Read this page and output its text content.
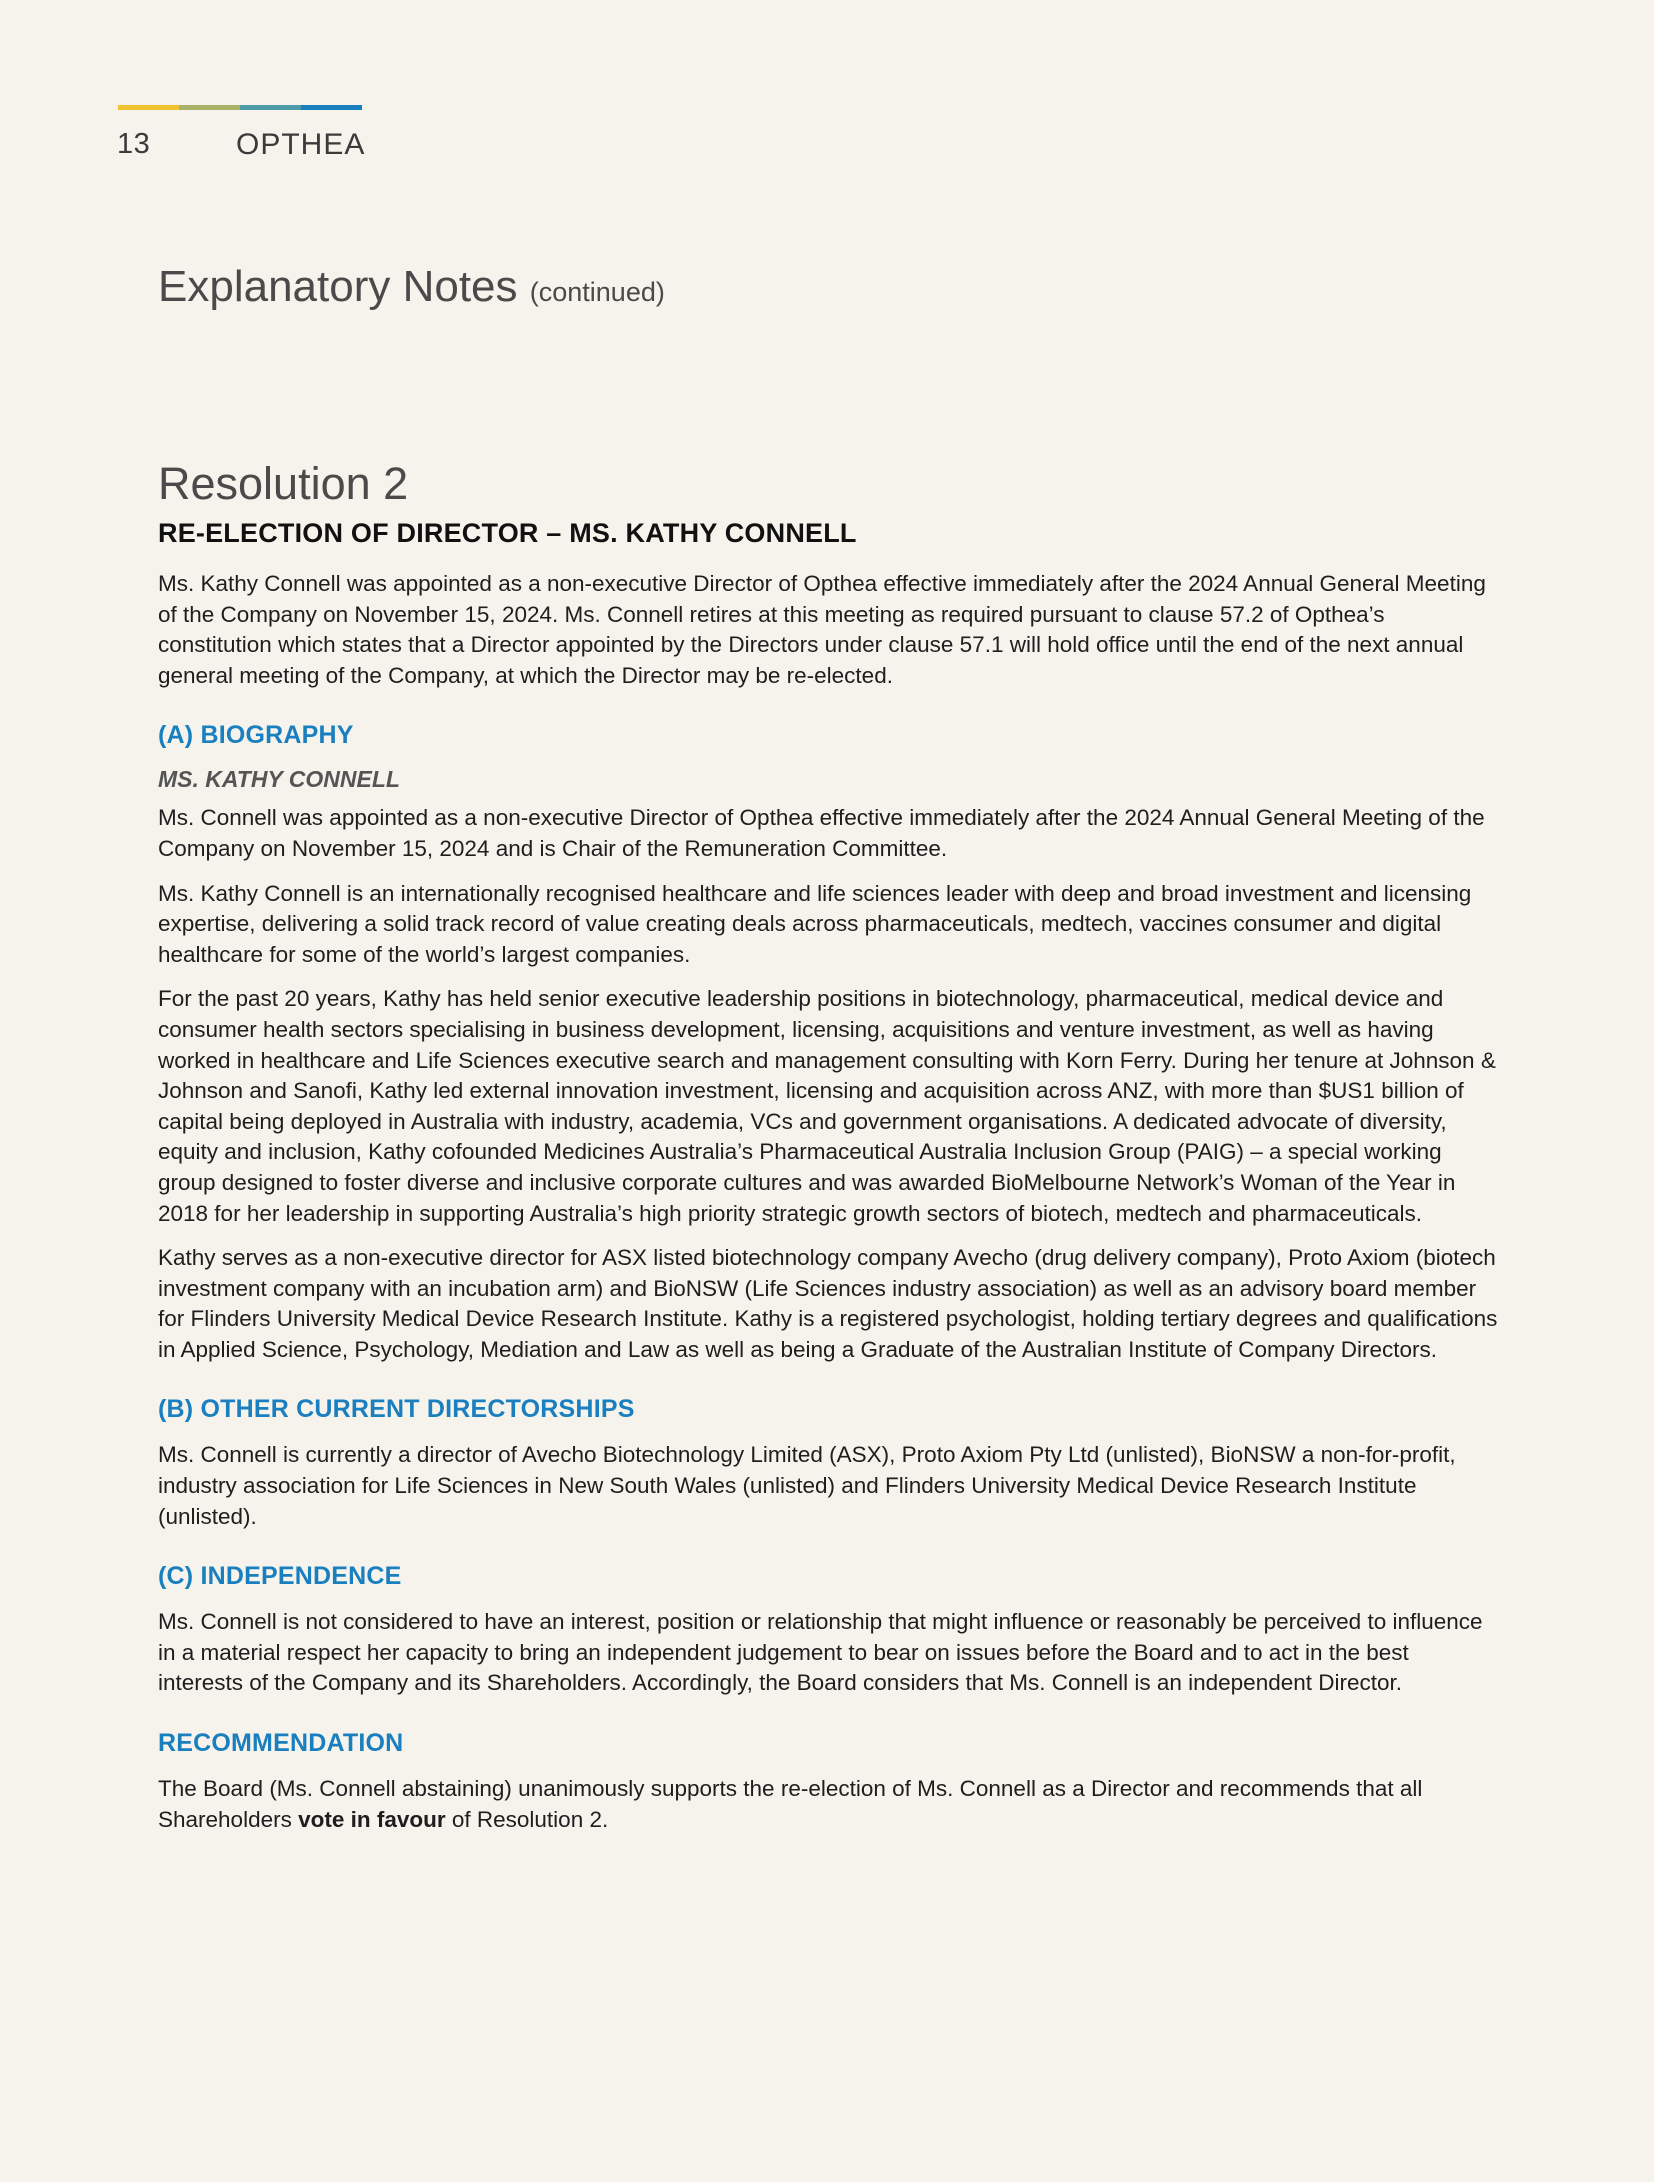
13	OPTHEA
Explanatory Notes (continued)
Resolution 2
RE-ELECTION OF DIRECTOR – MS. KATHY CONNELL

Ms. Kathy Connell was appointed as a non-executive Director of Opthea effective immediately after the 2024 Annual General Meeting of the Company on November 15, 2024. Ms. Connell retires at this meeting as required pursuant to clause 57.2 of Opthea’s constitution which states that a Director appointed by the Directors under clause 57.1 will hold office until the end of the next annual general meeting of the Company, at which the Director may be re-elected.

(A) BIOGRAPHY
MS. KATHY CONNELL

Ms. Connell was appointed as a non-executive Director of Opthea effective immediately after the 2024 Annual General Meeting of the Company on November 15, 2024 and is Chair of the Remuneration Committee.

Ms. Kathy Connell is an internationally recognised healthcare and life sciences leader with deep and broad investment and licensing expertise, delivering a solid track record of value creating deals across pharmaceuticals, medtech, vaccines consumer and digital healthcare for some of the world’s largest companies.

For the past 20 years, Kathy has held senior executive leadership positions in biotechnology, pharmaceutical, medical device and consumer health sectors specialising in business development, licensing, acquisitions and venture investment, as well as having worked in healthcare and Life Sciences executive search and management consulting with Korn Ferry. During her tenure at Johnson & Johnson and Sanofi, Kathy led external innovation investment, licensing and acquisition across ANZ, with more than $US1 billion of capital being deployed in Australia with industry, academia, VCs and government organisations. A dedicated advocate of diversity, equity and inclusion, Kathy cofounded Medicines Australia’s Pharmaceutical Australia Inclusion Group (PAIG) – a special working group designed to foster diverse and inclusive corporate cultures and was awarded BioMelbourne Network’s Woman of the Year in 2018 for her leadership in supporting Australia’s high priority strategic growth sectors of biotech, medtech and pharmaceuticals.

Kathy serves as a non-executive director for ASX listed biotechnology company Avecho (drug delivery company), Proto Axiom (biotech investment company with an incubation arm) and BioNSW (Life Sciences industry association) as well as an advisory board member for Flinders University Medical Device Research Institute. Kathy is a registered psychologist, holding tertiary degrees and qualifications in Applied Science, Psychology, Mediation and Law as well as being a Graduate of the Australian Institute of Company Directors.

(B) OTHER CURRENT DIRECTORSHIPS

Ms. Connell is currently a director of Avecho Biotechnology Limited (ASX), Proto Axiom Pty Ltd (unlisted), BioNSW a non-for-profit, industry association for Life Sciences in New South Wales (unlisted) and Flinders University Medical Device Research Institute (unlisted).

(C) INDEPENDENCE

Ms. Connell is not considered to have an interest, position or relationship that might influence or reasonably be perceived to influence in a material respect her capacity to bring an independent judgement to bear on issues before the Board and to act in the best interests of the Company and its Shareholders. Accordingly, the Board considers that Ms. Connell is an independent Director.

RECOMMENDATION

The Board (Ms. Connell abstaining) unanimously supports the re-election of Ms. Connell as a Director and recommends that all Shareholders vote in favour of Resolution 2.
